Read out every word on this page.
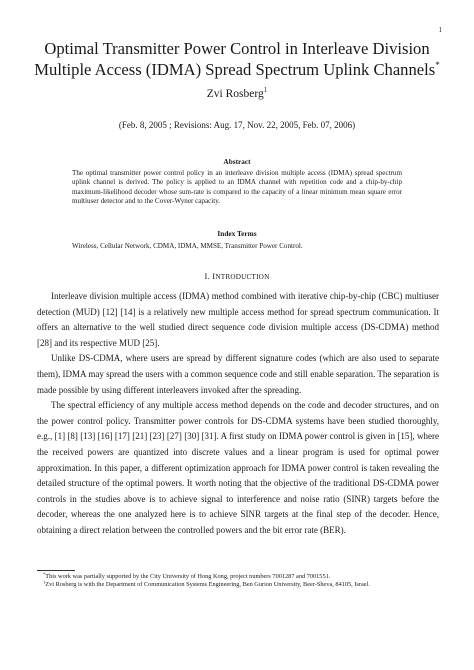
1
Optimal Transmitter Power Control in Interleave Division
Multiple Access (IDMA) Spread Spectrum Uplink Channels*
Zvi Rosberg$^1$
(Feb. 8, 2005 ; Revisions: Aug. 17, Nov. 22, 2005, Feb. 07, 2006)
Abstract
The optimal transmitter power control policy in an interleave division multiple access (IDMA) spread spectrum uplink channel is derived. The policy is applied to an IDMA channel with repetition code and a chip-by-chip maximum-likelihood decoder whose sum-rate is compared to the capacity of a linear minimum mean square error multiuser detector and to the Cover-Wyner capacity.
Index Terms
Wireless, Cellular Network, CDMA, IDMA, MMSE, Transmitter Power Control.
I. INTRODUCTION

Interleave division multiple access (IDMA) method combined with iterative chip-by-chip (CBC) multiuser detection (MUD) [12] [14] is a relatively new multiple access method for spread spectrum communication. It offers an alternative to the well studied direct sequence code division multiple access (DS-CDMA) method [28] and its respective MUD [25].

Unlike DS-CDMA, where users are spread by different signature codes (which are also used to separate them), IDMA may spread the users with a common sequence code and still enable separation. The separation is made possible by using different interleavers invoked after the spreading.

The spectral efficiency of any multiple access method depends on the code and decoder structures, and on the power control policy. Transmitter power controls for DS-CDMA systems have been studied thoroughly, e.g., [1] [8] [13] [16] [17] [21] [23] [27] [30] [31]. A first study on IDMA power control is given in [15], where the received powers are quantized into discrete values and a linear program is used for optimal power approximation. In this paper, a different optimization approach for IDMA power control is taken revealing the detailed structure of the optimal powers. It worth noting that the objective of the traditional DS-CDMA power controls in the studies above is to achieve signal to interference and noise ratio (SINR) targets before the decoder, whereas the one analyzed here is to achieve SINR targets at the final step of the decoder. Hence, obtaining a direct relation between the controlled powers and the bit error rate (BER).

*This work was partially supported by the City University of Hong Kong, project numbers 7001287 and 7001551.
$^1$Zvi Rosberg is with the Department of Communication Systems Engineering, Ben Gurion University, Beer-Sheva, 84105, Israel.
